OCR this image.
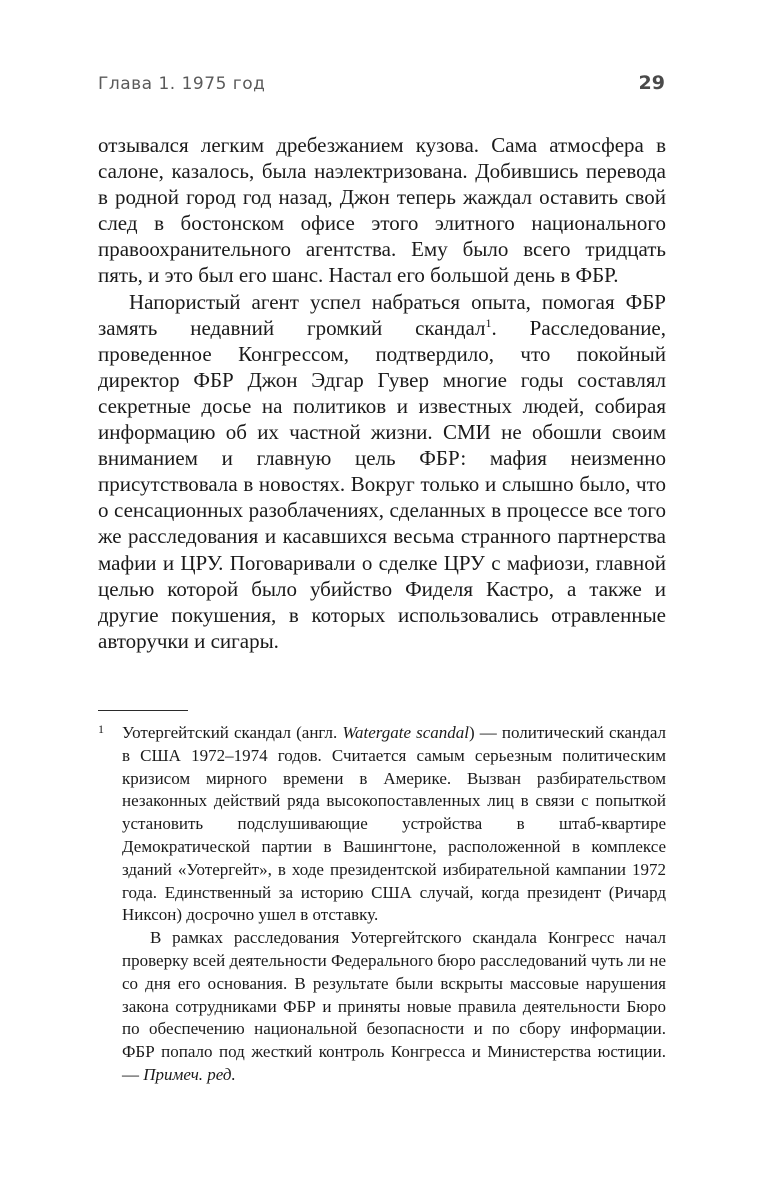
Глава 1. 1975 год	29

отзывался легким дребезжанием кузова. Сама атмосфера в салоне, казалось, была наэлектризована. Добившись перевода в родной город год назад, Джон теперь жаждал оставить свой след в бостонском офисе этого элитного национального правоохранительного агентства. Ему было всего тридцать пять, и это был его шанс. Настал его большой день в ФБР.

Напористый агент успел набраться опыта, помогая ФБР замять недавний громкий скандал$^1$. Расследование, проведенное Конгрессом, подтвердило, что покойный директор ФБР Джон Эдгар Гувер многие годы составлял секретные досье на политиков и известных людей, собирая информацию об их частной жизни. СМИ не обошли своим вниманием и главную цель ФБР: мафия неизменно присутствовала в новостях. Вокруг только и слышно было, что о сенсационных разоблачениях, сделанных в процессе все того же расследования и касавшихся весьма странного партнерства мафии и ЦРУ. Поговаривали о сделке ЦРУ с мафиози, главной целью которой было убийство Фиделя Кастро, а также и другие покушения, в которых использовались отравленные авторучки и сигары.

1 Уотергейтский скандал (англ. Watergate scandal) — политический скандал в США 1972–1974 годов. Считается самым серьезным политическим кризисом мирного времени в Америке. Вызван разбирательством незаконных действий ряда высокопоставленных лиц в связи с попыткой установить подслушивающие устройства в штаб-квартире Демократической партии в Вашингтоне, расположенной в комплексе зданий «Уотергейт», в ходе президентской избирательной кампании 1972 года. Единственный за историю США случай, когда президент (Ричард Никсон) досрочно ушел в отставку.

В рамках расследования Уотергейтского скандала Конгресс начал проверку всей деятельности Федерального бюро расследований чуть ли не со дня его основания. В результате были вскрыты массовые нарушения закона сотрудниками ФБР и приняты новые правила деятельности Бюро по обеспечению национальной безопасности и по сбору информации. ФБР попало под жесткий контроль Конгресса и Министерства юстиции. — Примеч. ред.
